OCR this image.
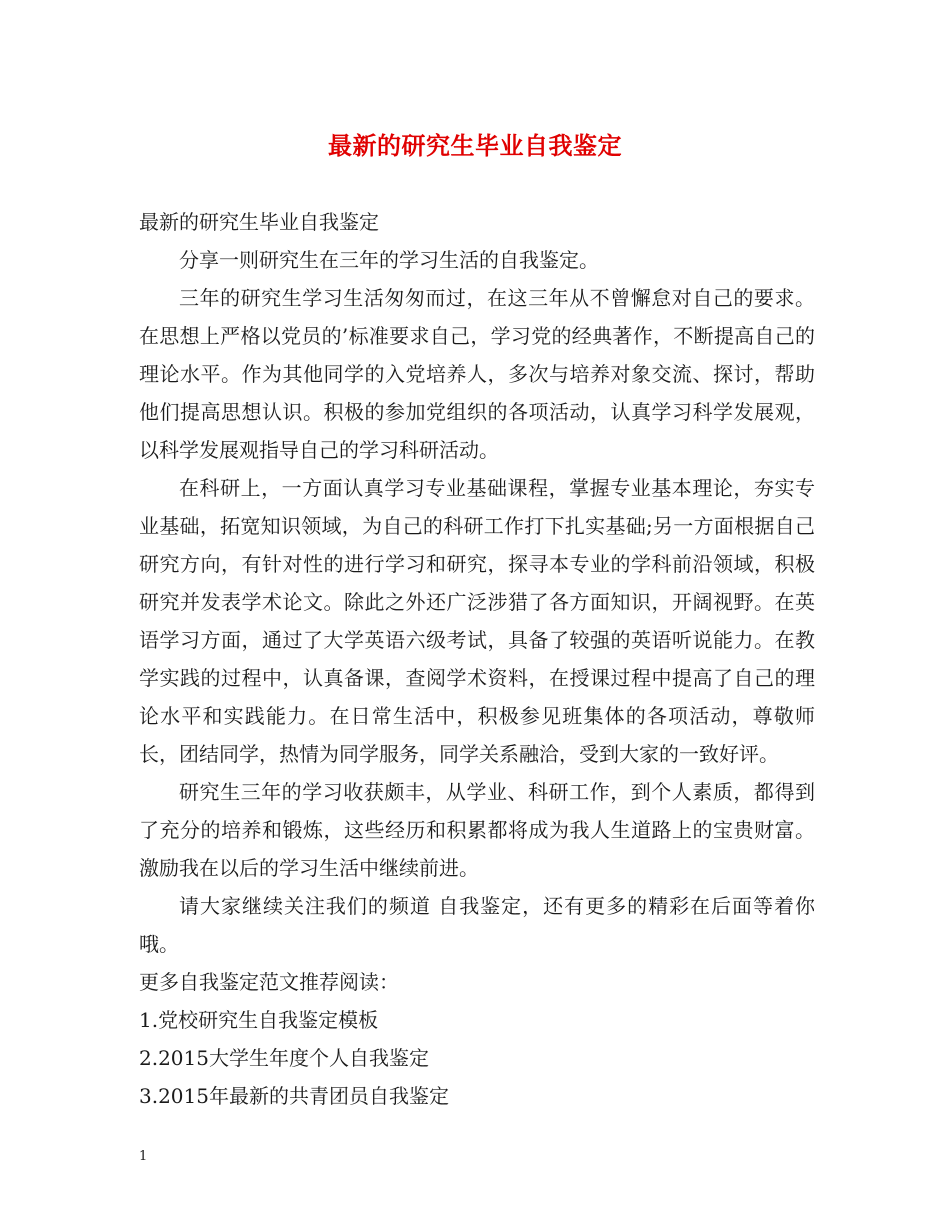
最新的研究生毕业自我鉴定

最新的研究生毕业自我鉴定

分享一则研究生在三年的学习生活的自我鉴定。

三年的研究生学习生活匆匆而过，在这三年从不曾懈怠对自己的要求。在思想上严格以党员的’标准要求自己，学习党的经典著作，不断提高自己的理论水平。作为其他同学的入党培养人，多次与培养对象交流、探讨，帮助他们提高思想认识。积极的参加党组织的各项活动，认真学习科学发展观，以科学发展观指导自己的学习科研活动。

在科研上，一方面认真学习专业基础课程，掌握专业基本理论，夯实专业基础，拓宽知识领域，为自己的科研工作打下扎实基础;另一方面根据自己研究方向，有针对性的进行学习和研究，探寻本专业的学科前沿领域，积极研究并发表学术论文。除此之外还广泛涉猎了各方面知识，开阔视野。在英语学习方面，通过了大学英语六级考试，具备了较强的英语听说能力。在教学实践的过程中，认真备课，查阅学术资料，在授课过程中提高了自己的理论水平和实践能力。在日常生活中，积极参见班集体的各项活动，尊敬师长，团结同学，热情为同学服务，同学关系融洽，受到大家的一致好评。

研究生三年的学习收获颇丰，从学业、科研工作，到个人素质，都得到了充分的培养和锻炼，这些经历和积累都将成为我人生道路上的宝贵财富。激励我在以后的学习生活中继续前进。

请大家继续关注我们的频道 自我鉴定，还有更多的精彩在后面等着你哦。

更多自我鉴定范文推荐阅读：

1.党校研究生自我鉴定模板

2.2015大学生年度个人自我鉴定

3.2015年最新的共青团员自我鉴定

1
